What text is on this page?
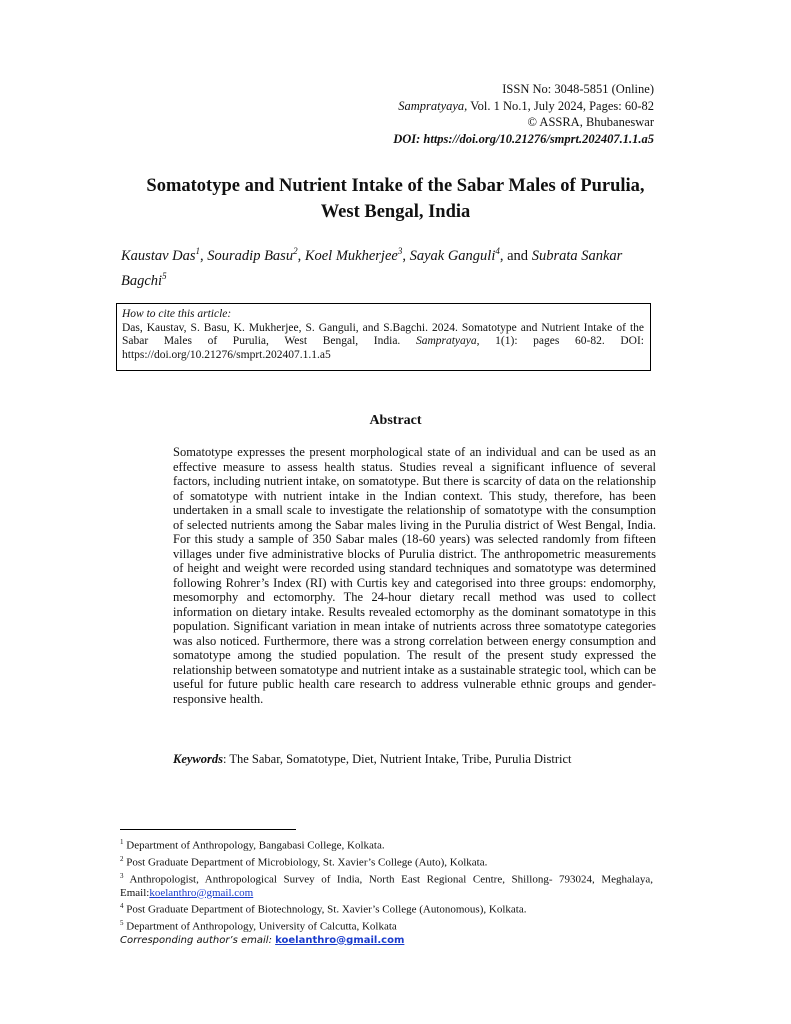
ISSN No: 3048-5851 (Online)
Sampratyaya, Vol. 1 No.1, July 2024, Pages: 60-82
© ASSRA, Bhubaneswar
DOI: https://doi.org/10.21276/smprt.202407.1.1.a5
Somatotype and Nutrient Intake of the Sabar Males of Purulia,
West Bengal, India
Kaustav Das$^1$, Souradip Basu$^2$, Koel Mukherjee$^3$, Sayak Ganguli$^4$, and Subrata Sankar Bagchi$^5$
How to cite this article:
Das, Kaustav, S. Basu, K. Mukherjee, S. Ganguli, and S.Bagchi. 2024. Somatotype and Nutrient Intake of the Sabar Males of Purulia, West Bengal, India. Sampratyaya, 1(1): pages 60-82. DOI: https://doi.org/10.21276/smprt.202407.1.1.a5
Abstract
Somatotype expresses the present morphological state of an individual and can be used as an effective measure to assess health status. Studies reveal a significant influence of several factors, including nutrient intake, on somatotype. But there is scarcity of data on the relationship of somatotype with nutrient intake in the Indian context. This study, therefore, has been undertaken in a small scale to investigate the relationship of somatotype with the consumption of selected nutrients among the Sabar males living in the Purulia district of West Bengal, India. For this study a sample of 350 Sabar males (18-60 years) was selected randomly from fifteen villages under five administrative blocks of Purulia district. The anthropometric measurements of height and weight were recorded using standard techniques and somatotype was determined following Rohrer’s Index (RI) with Curtis key and categorised into three groups: endomorphy, mesomorphy and ectomorphy. The 24-hour dietary recall method was used to collect information on dietary intake. Results revealed ectomorphy as the dominant somatotype in this population. Significant variation in mean intake of nutrients across three somatotype categories was also noticed. Furthermore, there was a strong correlation between energy consumption and somatotype among the studied population. The result of the present study expressed the relationship between somatotype and nutrient intake as a sustainable strategic tool, which can be useful for future public health care research to address vulnerable ethnic groups and gender-responsive health.
Keywords: The Sabar, Somatotype, Diet, Nutrient Intake, Tribe, Purulia District
$^1$ Department of Anthropology, Bangabasi College, Kolkata.
$^2$ Post Graduate Department of Microbiology, St. Xavier’s College (Auto), Kolkata.
$^3$ Anthropologist, Anthropological Survey of India, North East Regional Centre, Shillong- 793024, Meghalaya, Email:koelanthro@gmail.com
$^4$ Post Graduate Department of Biotechnology, St. Xavier’s College (Autonomous), Kolkata.
$^5$ Department of Anthropology, University of Calcutta, Kolkata
Corresponding author’s email: koelanthro@gmail.com
